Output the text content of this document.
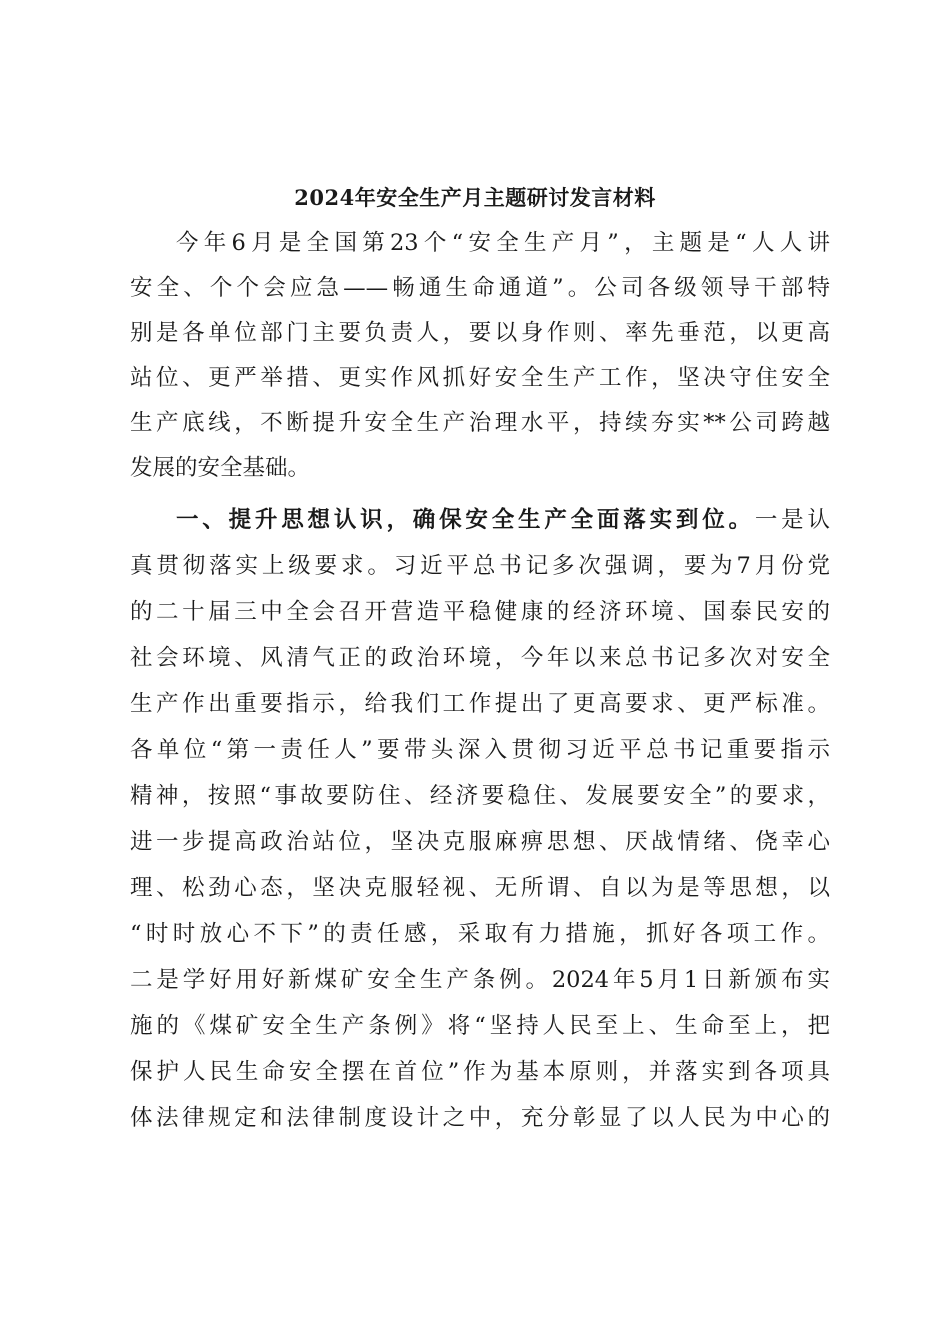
2024年安全生产月主题研讨发言材料
今年6月是全国第23个“安全生产月”，主题是“人人讲
安全、个个会应急——畅通生命通道”。公司各级领导干部特
别是各单位部门主要负责人，要以身作则、率先垂范，以更高
站位、更严举措、更实作风抓好安全生产工作，坚决守住安全
生产底线，不断提升安全生产治理水平，持续夯实**公司跨越
发展的安全基础。
一、提升思想认识，确保安全生产全面落实到位。一是认
真贯彻落实上级要求。习近平总书记多次强调，要为7月份党
的二十届三中全会召开营造平稳健康的经济环境、国泰民安的
社会环境、风清气正的政治环境，今年以来总书记多次对安全
生产作出重要指示，给我们工作提出了更高要求、更严标准。
各单位“第一责任人”要带头深入贯彻习近平总书记重要指示
精神，按照“事故要防住、经济要稳住、发展要安全”的要求，
进一步提高政治站位，坚决克服麻痹思想、厌战情绪、侥幸心
理、松劲心态，坚决克服轻视、无所谓、自以为是等思想，以
“时时放心不下”的责任感，采取有力措施，抓好各项工作。
二是学好用好新煤矿安全生产条例。2024年5月1日新颁布实
施的《煤矿安全生产条例》将“坚持人民至上、生命至上，把
保护人民生命安全摆在首位”作为基本原则，并落实到各项具
体法律规定和法律制度设计之中，充分彰显了以人民为中心的
